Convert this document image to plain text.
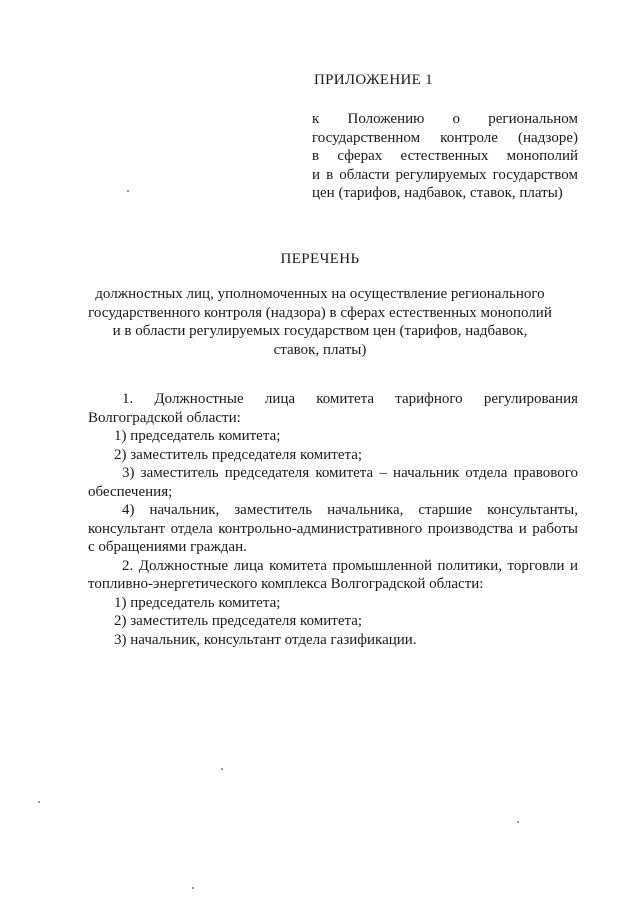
ПРИЛОЖЕНИЕ 1
к Положению о региональном
государственном контроле (надзоре)
в сферах естественных монополий
и в области регулируемых государством
цен (тарифов, надбавок, ставок, платы)
ПЕРЕЧЕНЬ
должностных лиц, уполномоченных на осуществление регионального
государственного контроля (надзора) в сферах естественных монополий
и в области регулируемых государством цен (тарифов, надбавок,
ставок, платы)

1. Должностные лица комитета тарифного регулирования Волгоградской области:

1) председатель комитета;

2) заместитель председателя комитета;

3) заместитель председателя комитета – начальник отдела правового обеспечения;

4) начальник, заместитель начальника, старшие консультанты, консультант отдела контрольно-административного производства и работы с обращениями граждан.

2. Должностные лица комитета промышленной политики, торговли и топливно-энергетического комплекса Волгоградской области:

1) председатель комитета;

2) заместитель председателя комитета;

3) начальник, консультант отдела газификации.
